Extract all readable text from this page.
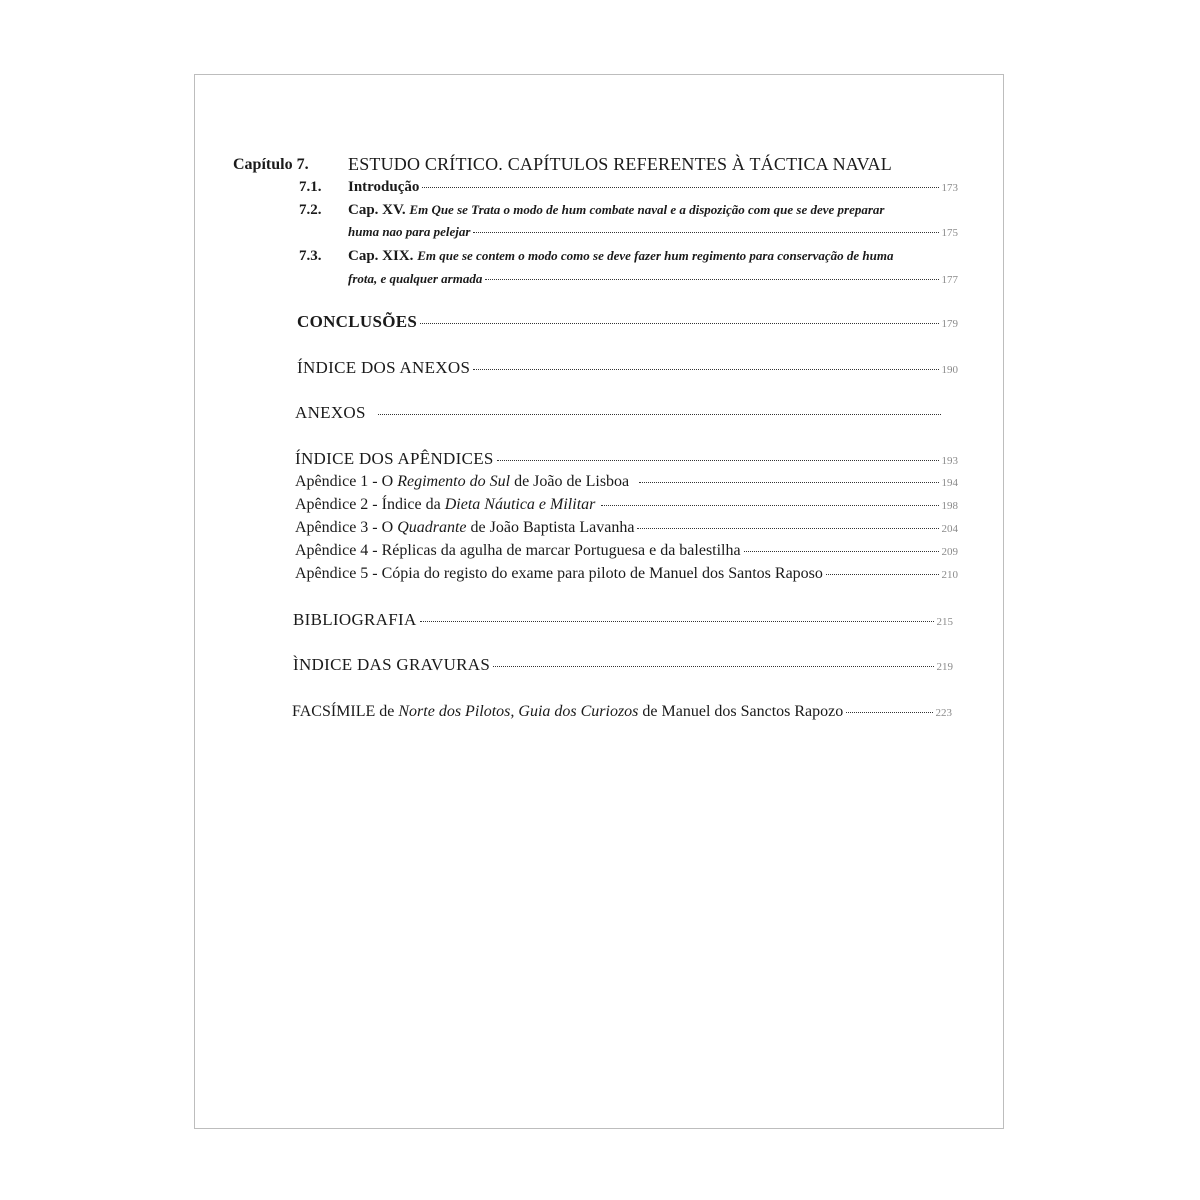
Capítulo 7. ESTUDO CRÍTICO. CAPÍTULOS REFERENTES À TÁCTICA NAVAL
7.1. Introdução	173
7.2. Cap. XV. Em Que se Trata o modo de hum combate naval e a dispozição com que se deve preparar
huma nao para pelejar	175
7.3. Cap. XIX. Em que se contem o modo como se deve fazer hum regimento para conservação de huma
frota, e qualquer armada	177
CONCLUSÕES	179
ÍNDICE DOS ANEXOS	190
ANEXOS
ÍNDICE DOS APÊNDICES	193
Apêndice 1 - O Regimento do Sul de João de Lisboa	194
Apêndice 2 - Índice da Dieta Náutica e Militar	198
Apêndice 3 - O Quadrante de João Baptista Lavanha	204
Apêndice 4 - Réplicas da agulha de marcar Portuguesa e da balestilha	209
Apêndice 5 - Cópia do registo do exame para piloto de Manuel dos Santos Raposo	210
BIBLIOGRAFIA	215
ÌNDICE DAS GRAVURAS	219
FACSÍMILE de Norte dos Pilotos, Guia dos Curiozos de Manuel dos Sanctos Rapozo	223
